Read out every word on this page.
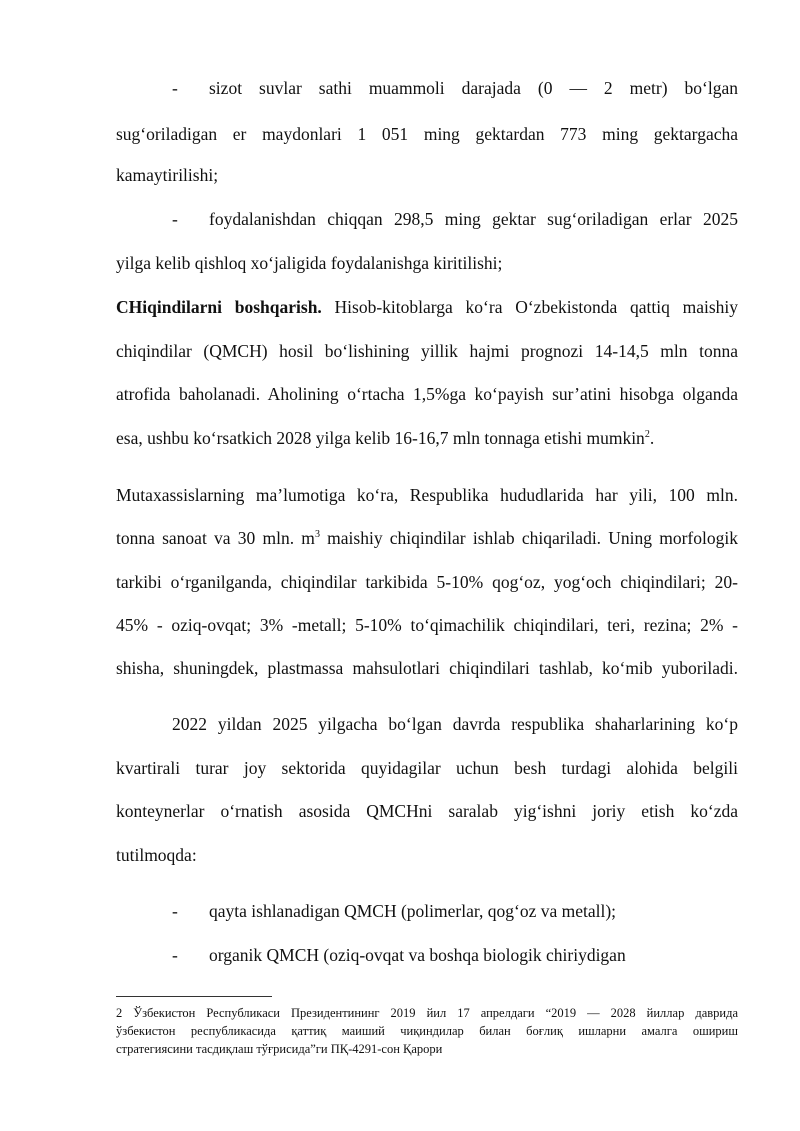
- sizot suvlar sathi muammoli darajada (0 — 2 metr) bo‘lgan
sug‘oriladigan er maydonlari 1 051 ming gektardan 773 ming gektargacha
kamaytirilishi;
- foydalanishdan chiqqan 298,5 ming gektar sug‘oriladigan erlar 2025
yilga kelib qishloq xo‘jaligida foydalanishga kiritilishi;
CHiqindilarni boshqarish. Hisob-kitoblarga ko‘ra O‘zbekistonda qattiq maishiy
chiqindilar (QMCH) hosil bo‘lishining yillik hajmi prognozi 14-14,5 mln tonna
atrofida baholanadi. Aholining o‘rtacha 1,5%ga ko‘payish sur’atini hisobga olganda
esa, ushbu ko‘rsatkich 2028 yilga kelib 16-16,7 mln tonnaga etishi mumkin$^2$.
Mutaxassislarning ma’lumotiga ko‘ra, Respublika hududlarida har yili, 100 mln.
tonna sanoat va 30 mln. $m^3$ maishiy chiqindilar ishlab chiqariladi. Uning morfologik
tarkibi o‘rganilganda, chiqindilar tarkibida 5-10% qog‘oz, yog‘och chiqindilari; 20-
45% - oziq-ovqat; 3% -metall; 5-10% to‘qimachilik chiqindilari, teri, rezina; 2% -
shisha, shuningdek, plastmassa mahsulotlari chiqindilari tashlab, ko‘mib yuboriladi.
2022 yildan 2025 yilgacha bo‘lgan davrda respublika shaharlarining ko‘p
kvartirali turar joy sektorida quyidagilar uchun besh turdagi alohida belgili
konteynerlar o‘rnatish asosida QMCHni saralab yig‘ishni joriy etish ko‘zda
tutilmoqda:
- qayta ishlanadigan QMCH (polimerlar, qog‘oz va metall);
- organik QMCH (oziq-ovqat va boshqa biologik chiriydigan
2 Ўзбекистон Республикаси Президентининг 2019 йил 17 апрелдаги “2019 — 2028 йиллар даврида
ўзбекистон республикасида қаттиқ маиший чиқиндилар билан боғлиқ ишларни амалга ошириш
стратегиясини тасдиқлаш тўғрисида”ги ПҚ-4291-сон Қарори
